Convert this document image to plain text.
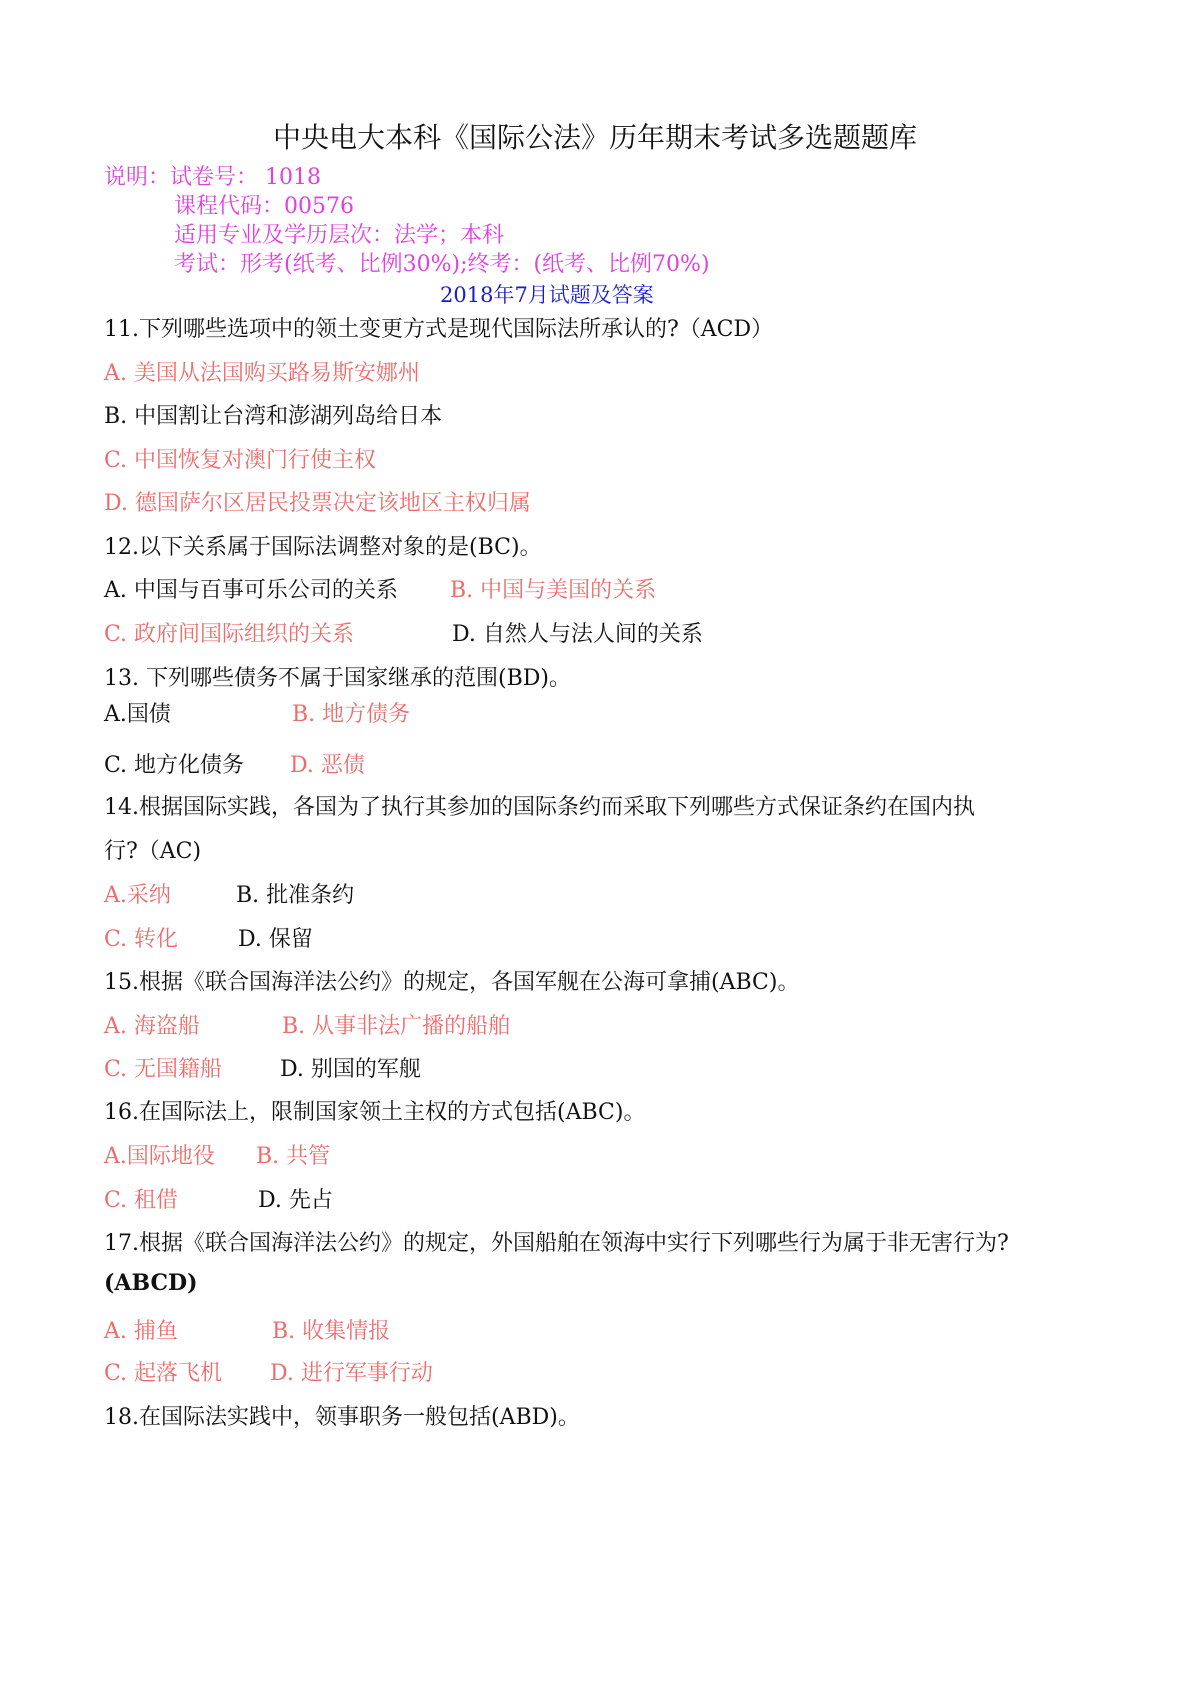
中央电大本科《国际公法》历年期末考试多选题题库
说明： 试卷号： 1018
课程代码：00576
适用专业及学历层次：法学；本科
考试：形考(纸考、比例30%);终考：(纸考、比例70%)
2018年7月试题及答案
11.下列哪些选项中的领土变更方式是现代国际法所承认的?（ACD）
A. 美国从法国购买路易斯安娜州
B. 中国割让台湾和澎湖列岛给日本
C. 中国恢复对澳门行使主权
D. 德国萨尔区居民投票决定该地区主权归属
12.以下关系属于国际法调整对象的是(BC)。
A. 中国与百事可乐公司的关系 B. 中国与美国的关系
C. 政府间国际组织的关系	D. 自然人与法人间的关系
13. 下列哪些债务不属于国家继承的范围(BD)。
A.国债	B. 地方债务
C. 地方化债务 D. 恶债
14.根据国际实践，各国为了执行其参加的国际条约而采取下列哪些方式保证条约在国内执
行?（AC)
A.采纳	B. 批准条约
C. 转化	D. 保留
15.根据《联合国海洋法公约》的规定，各国军舰在公海可拿捕(ABC)。
A. 海盗船	B. 从事非法广播的船舶
C. 无国籍船	D. 别国的军舰
16.在国际法上，限制国家领土主权的方式包括(ABC)。
A.国际地役 B. 共管
C. 租借	D. 先占
17.根据《联合国海洋法公约》的规定，外国船舶在领海中实行下列哪些行为属于非无害行为?
(ABCD)
A. 捕鱼	B. 收集情报
C. 起落飞机 D. 进行军事行动
18.在国际法实践中，领事职务一般包括(ABD)。
